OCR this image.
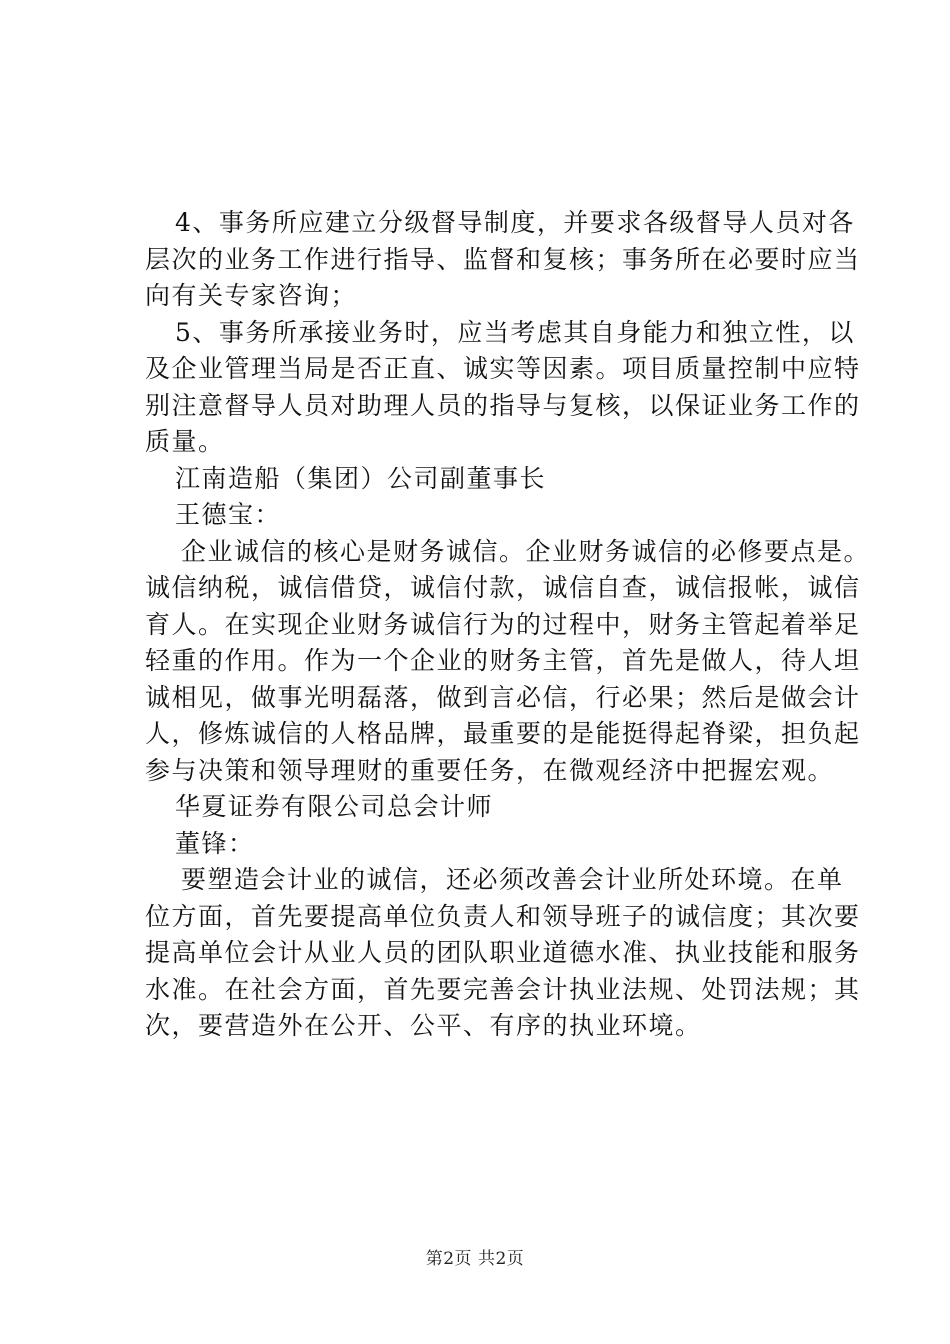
4、事务所应建立分级督导制度，并要求各级督导人员对各
层次的业务工作进行指导、监督和复核；事务所在必要时应当
向有关专家咨询；
5、事务所承接业务时，应当考虑其自身能力和独立性，以
及企业管理当局是否正直、诚实等因素。项目质量控制中应特
别注意督导人员对助理人员的指导与复核，以保证业务工作的
质量。
江南造船（集团）公司副董事长
王德宝：
企业诚信的核心是财务诚信。企业财务诚信的必修要点是。
诚信纳税，诚信借贷，诚信付款，诚信自查，诚信报帐，诚信
育人。在实现企业财务诚信行为的过程中，财务主管起着举足
轻重的作用。作为一个企业的财务主管，首先是做人，待人坦
诚相见，做事光明磊落，做到言必信，行必果；然后是做会计
人，修炼诚信的人格品牌，最重要的是能挺得起脊梁，担负起
参与决策和领导理财的重要任务，在微观经济中把握宏观。
华夏证券有限公司总会计师
董锋：
要塑造会计业的诚信，还必须改善会计业所处环境。在单
位方面，首先要提高单位负责人和领导班子的诚信度；其次要
提高单位会计从业人员的团队职业道德水准、执业技能和服务
水准。在社会方面，首先要完善会计执业法规、处罚法规；其
次，要营造外在公开、公平、有序的执业环境。
第2页 共2页
